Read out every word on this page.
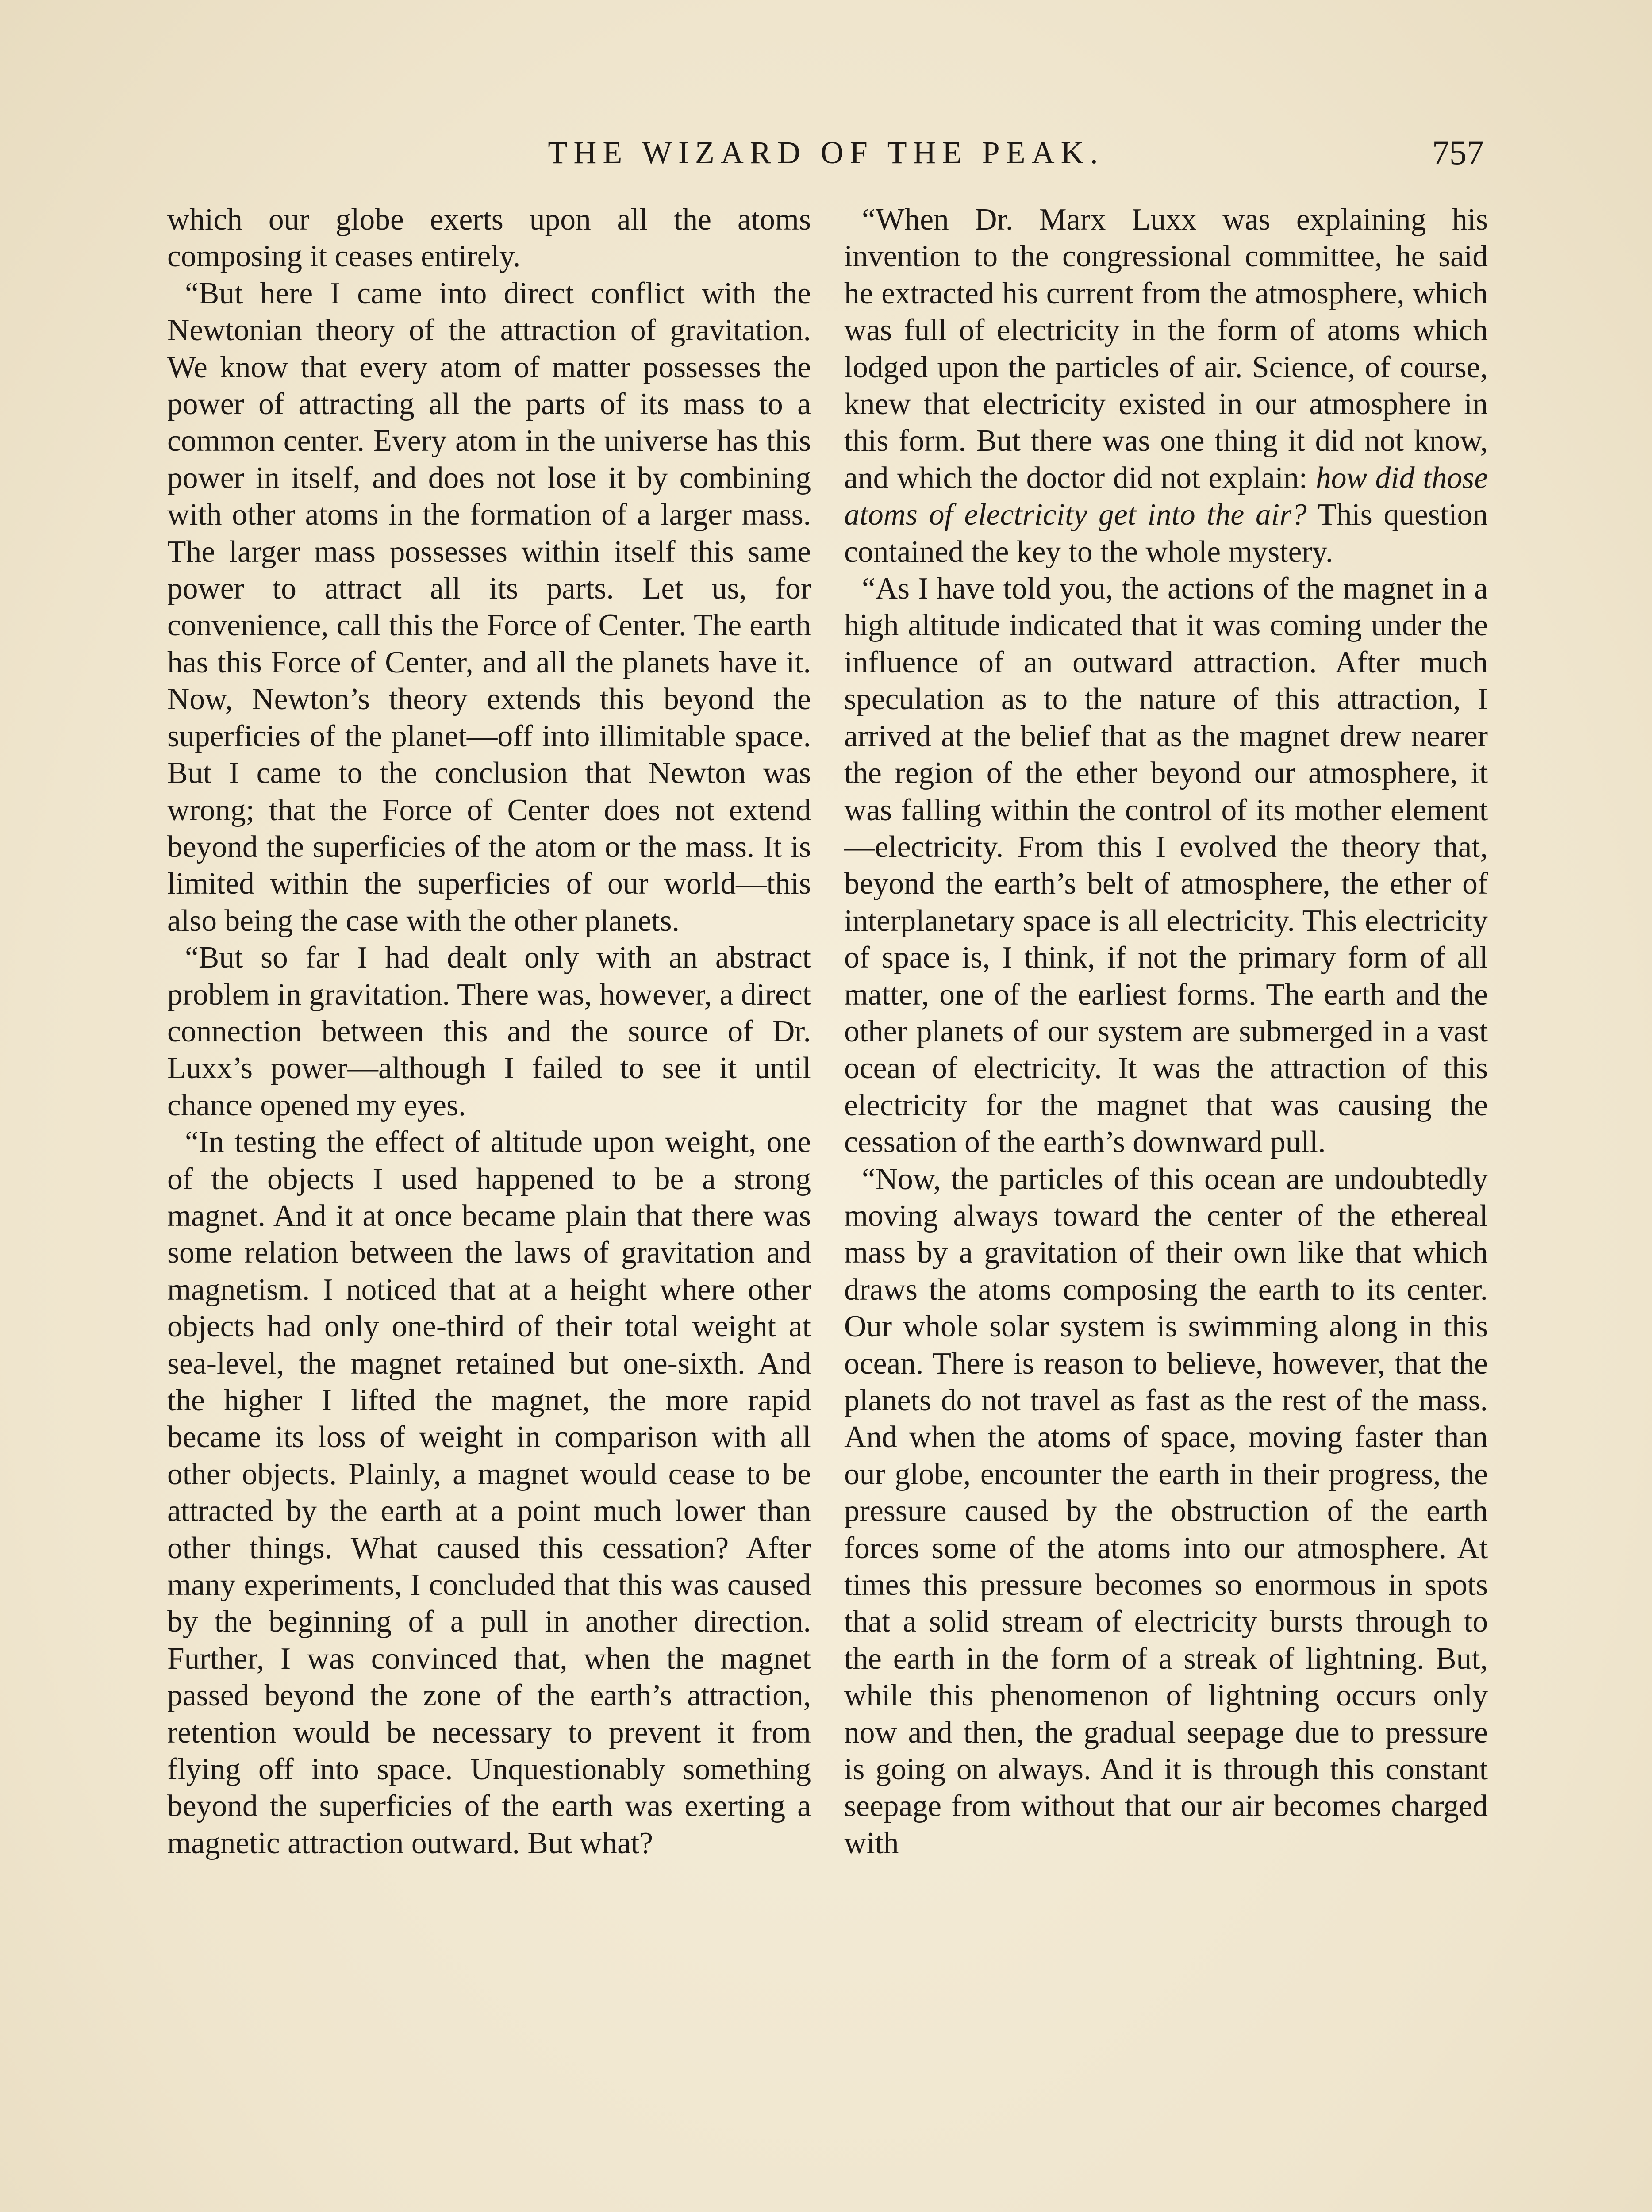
THE WIZARD OF THE PEAK.	757

which our globe exerts upon all the atoms composing it ceases entirely.

“But here I came into direct conflict with the Newtonian theory of the attraction of gravitation. We know that every atom of matter possesses the power of attracting all the parts of its mass to a common center. Every atom in the universe has this power in itself, and does not lose it by combining with other atoms in the formation of a larger mass. The larger mass possesses within itself this same power to attract all its parts. Let us, for convenience, call this the Force of Center. The earth has this Force of Center, and all the planets have it. Now, Newton’s theory extends this beyond the superficies of the planet—off into illimitable space. But I came to the conclusion that Newton was wrong; that the Force of Center does not extend beyond the superficies of the atom or the mass. It is limited within the superficies of our world—this also being the case with the other planets.

“But so far I had dealt only with an abstract problem in gravitation. There was, however, a direct connection between this and the source of Dr. Luxx’s power—although I failed to see it until chance opened my eyes.

“In testing the effect of altitude upon weight, one of the objects I used happened to be a strong magnet. And it at once became plain that there was some relation between the laws of gravitation and magnetism. I noticed that at a height where other objects had only one-third of their total weight at sea-level, the magnet retained but one-sixth. And the higher I lifted the magnet, the more rapid became its loss of weight in comparison with all other objects. Plainly, a magnet would cease to be attracted by the earth at a point much lower than other things. What caused this cessation? After many experiments, I concluded that this was caused by the beginning of a pull in another direction. Further, I was convinced that, when the magnet passed beyond the zone of the earth’s attraction, retention would be necessary to prevent it from flying off into space. Unquestionably something beyond the superficies of the earth was exerting a magnetic attraction outward. But what?

“When Dr. Marx Luxx was explaining his invention to the congressional committee, he said he extracted his current from the atmosphere, which was full of electricity in the form of atoms which lodged upon the particles of air. Science, of course, knew that electricity existed in our atmosphere in this form. But there was one thing it did not know, and which the doctor did not explain: how did those atoms of electricity get into the air? This question contained the key to the whole mystery.

“As I have told you, the actions of the magnet in a high altitude indicated that it was coming under the influence of an outward attraction. After much speculation as to the nature of this attraction, I arrived at the belief that as the magnet drew nearer the region of the ether beyond our atmosphere, it was falling within the control of its mother element—electricity. From this I evolved the theory that, beyond the earth’s belt of atmosphere, the ether of interplanetary space is all electricity. This electricity of space is, I think, if not the primary form of all matter, one of the earliest forms. The earth and the other planets of our system are submerged in a vast ocean of electricity. It was the attraction of this electricity for the magnet that was causing the cessation of the earth’s downward pull.

“Now, the particles of this ocean are undoubtedly moving always toward the center of the ethereal mass by a gravitation of their own like that which draws the atoms composing the earth to its center. Our whole solar system is swimming along in this ocean. There is reason to believe, however, that the planets do not travel as fast as the rest of the mass. And when the atoms of space, moving faster than our globe, encounter the earth in their progress, the pressure caused by the obstruction of the earth forces some of the atoms into our atmosphere. At times this pressure becomes so enormous in spots that a solid stream of electricity bursts through to the earth in the form of a streak of lightning. But, while this phenomenon of lightning occurs only now and then, the gradual seepage due to pressure is going on always. And it is through this constant seepage from without that our air becomes charged with
